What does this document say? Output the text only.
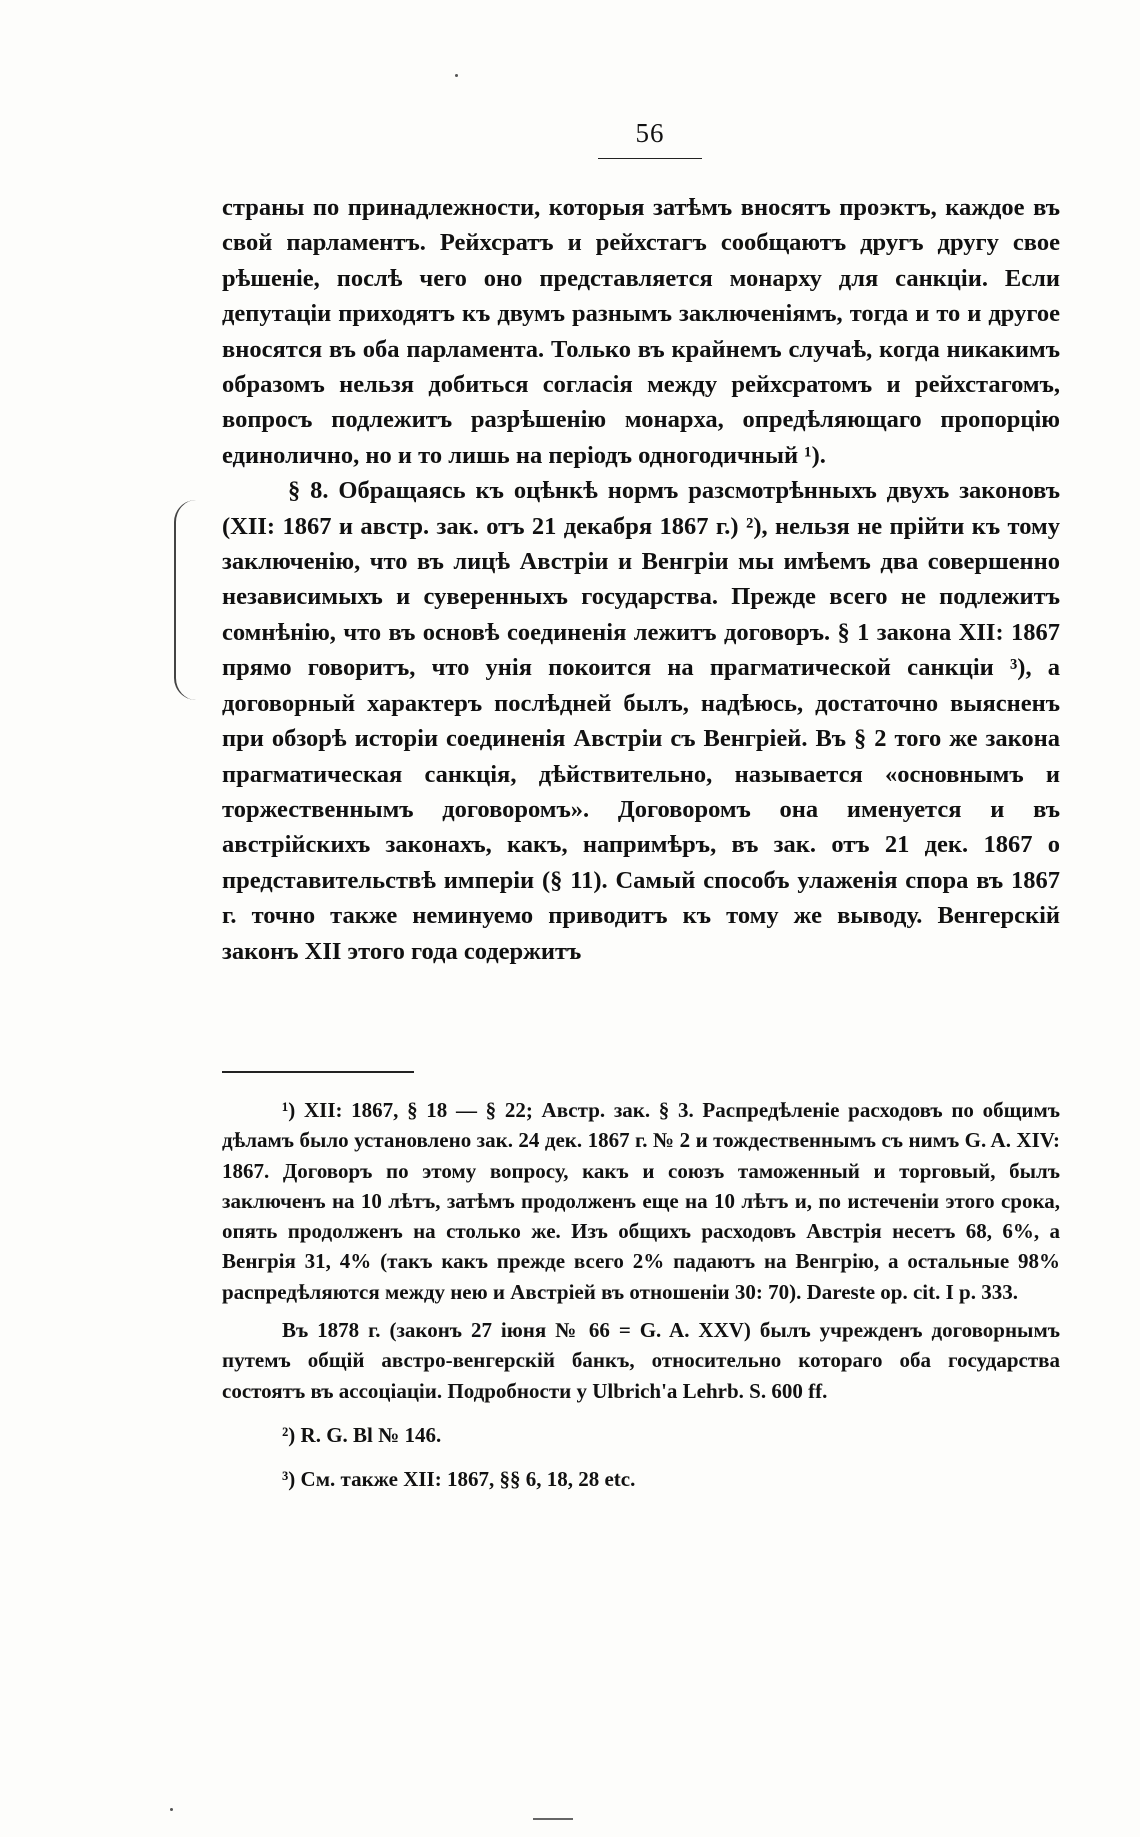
56

страны по принадлежности, которыя затѣмъ вносятъ проэктъ, каждое въ свой парламентъ. Рейхсратъ и рейхстагъ сообщаютъ другъ другу свое рѣшеніе, послѣ чего оно представляется монарху для санкціи. Если депутаціи приходятъ къ двумъ разнымъ заключеніямъ, тогда и то и другое вносятся въ оба парламента. Только въ крайнемъ случаѣ, когда никакимъ образомъ нельзя добиться согласія между рейхсратомъ и рейхстагомъ, вопросъ подлежитъ разрѣшенію монарха, опредѣляющаго пропорцію единолично, но и то лишь на періодъ одногодичный ¹).

§ 8. Обращаясь къ оцѣнкѣ нормъ разсмотрѣнныхъ двухъ законовъ (XII: 1867 и австр. зак. отъ 21 декабря 1867 г.) ²), нельзя не прійти къ тому заключенію, что въ лицѣ Австріи и Венгріи мы имѣемъ два совершенно независимыхъ и суверенныхъ государства. Прежде всего не подлежитъ сомнѣнію, что въ основѣ соединенія лежитъ договоръ. § 1 закона XII: 1867 прямо говоритъ, что унія покоится на прагматической санкціи ³), а договорный характеръ послѣдней былъ, надѣюсь, достаточно выясненъ при обзорѣ исторіи соединенія Австріи съ Венгріей. Въ § 2 того же закона прагматическая санкція, дѣйствительно, называется «основнымъ и торжественнымъ договоромъ». Договоромъ она именуется и въ австрійскихъ законахъ, какъ, напримѣръ, въ зак. отъ 21 дек. 1867 о представительствѣ имперіи (§ 11). Самый способъ улаженія спора въ 1867 г. точно также неминуемо приводитъ къ тому же выводу. Венгерскій законъ XII этого года содержитъ

¹) XII: 1867, § 18 — § 22; Австр. зак. § 3. Распредѣленіе расходовъ по общимъ дѣламъ было установлено зак. 24 дек. 1867 г. № 2 и тождественнымъ съ нимъ G. A. XIV: 1867. Договоръ по этому вопросу, какъ и союзъ таможенный и торговый, былъ заключенъ на 10 лѣтъ, затѣмъ продолженъ еще на 10 лѣтъ и, по истеченіи этого срока, опять продолженъ на столько же. Изъ общихъ расходовъ Австрія несетъ 68, 6%, а Венгрія 31, 4% (такъ какъ прежде всего 2% падаютъ на Венгрію, а остальные 98% распредѣляются между нею и Австріей въ отношеніи 30: 70). Dareste op. cit. I p. 333.

Въ 1878 г. (законъ 27 іюня № 66 = G. A. XXV) былъ учрежденъ договорнымъ путемъ общій австро-венгерскій банкъ, относительно котораго оба государства состоятъ въ ассоціаціи. Подробности у Ulbrich'а Lehrb. S. 600 ff.

²) R. G. Bl № 146.

³) См. также XII: 1867, §§ 6, 18, 28 etc.
